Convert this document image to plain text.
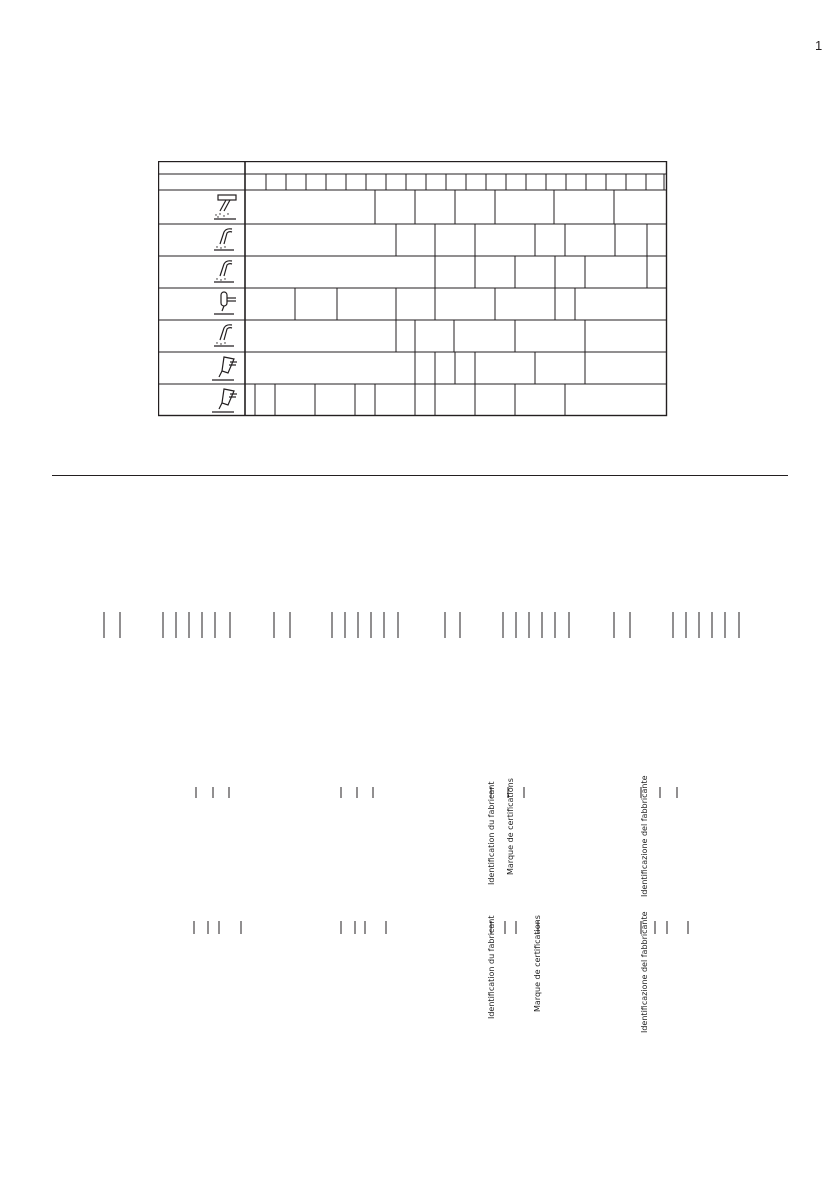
1
Identification du fabricant Marque de certifications	Identificazione del fabbricante
Identification du fabricant	Marque de certifications	Identificazione del fabbricante
